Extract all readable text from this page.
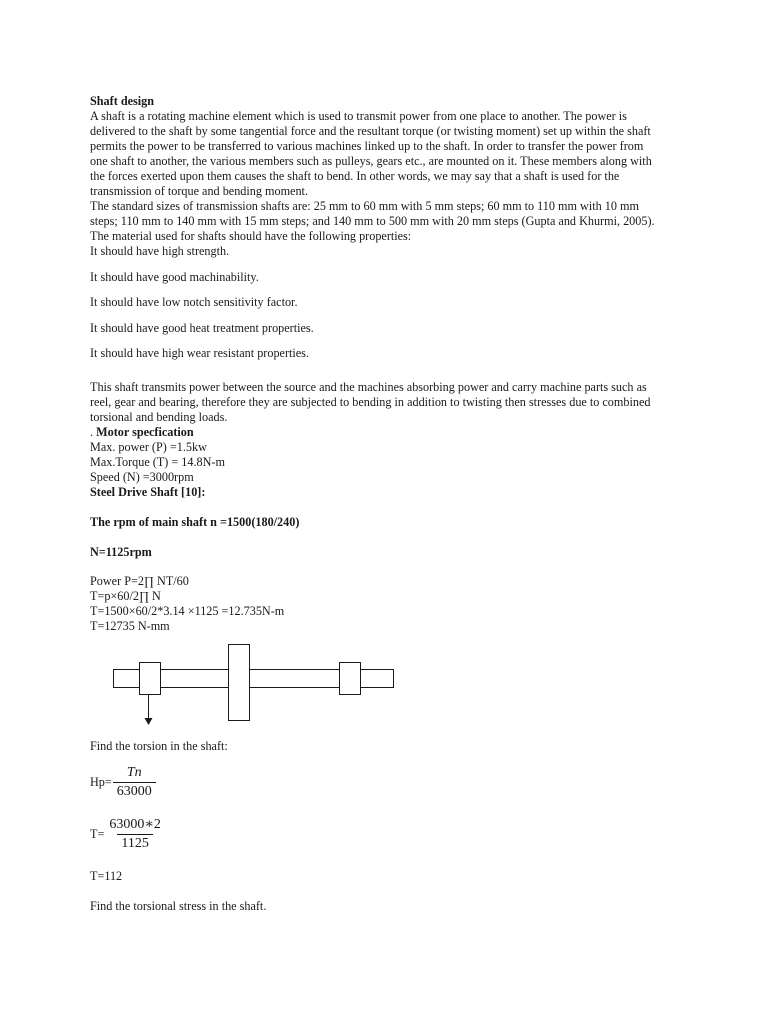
Shaft design
A shaft is a rotating machine element which is used to transmit power from one place to another. The power is
delivered to the shaft by some tangential force and the resultant torque (or twisting moment) set up within the shaft
permits the power to be transferred to various machines linked up to the shaft. In order to transfer the power from
one shaft to another, the various members such as pulleys, gears etc., are mounted on it. These members along with
the forces exerted upon them causes the shaft to bend. In other words, we may say that a shaft is used for the
transmission of torque and bending moment.
The standard sizes of transmission shafts are: 25 mm to 60 mm with 5 mm steps; 60 mm to 110 mm with 10 mm
steps; 110 mm to 140 mm with 15 mm steps; and 140 mm to 500 mm with 20 mm steps (Gupta and Khurmi, 2005).
The material used for shafts should have the following properties:
It should have high strength.
It should have good machinability.
It should have low notch sensitivity factor.
It should have good heat treatment properties.
It should have high wear resistant properties.
This shaft transmits power between the source and the machines absorbing power and carry machine parts such as
reel, gear and bearing, therefore they are subjected to bending in addition to twisting then stresses due to combined
torsional and bending loads.
. Motor specfication
Max. power (P) =1.5kw
Max.Torque (T) = 14.8N-m
Speed (N) =3000rpm
Steel Drive Shaft [10]:
The rpm of main shaft n =1500(180/240)
N=1125rpm
Power P=2∏ NT/60
T=p×60/2∏ N
T=1500×60/2*3.14 ×1125 =12.735N-m
T=12735 N-mm
Find the torsion in the shaft:
$Hp= \frac{Tn}{63000}$
$T= \frac{63000∗2}{1125}$
T=112
Find the torsional stress in the shaft.
